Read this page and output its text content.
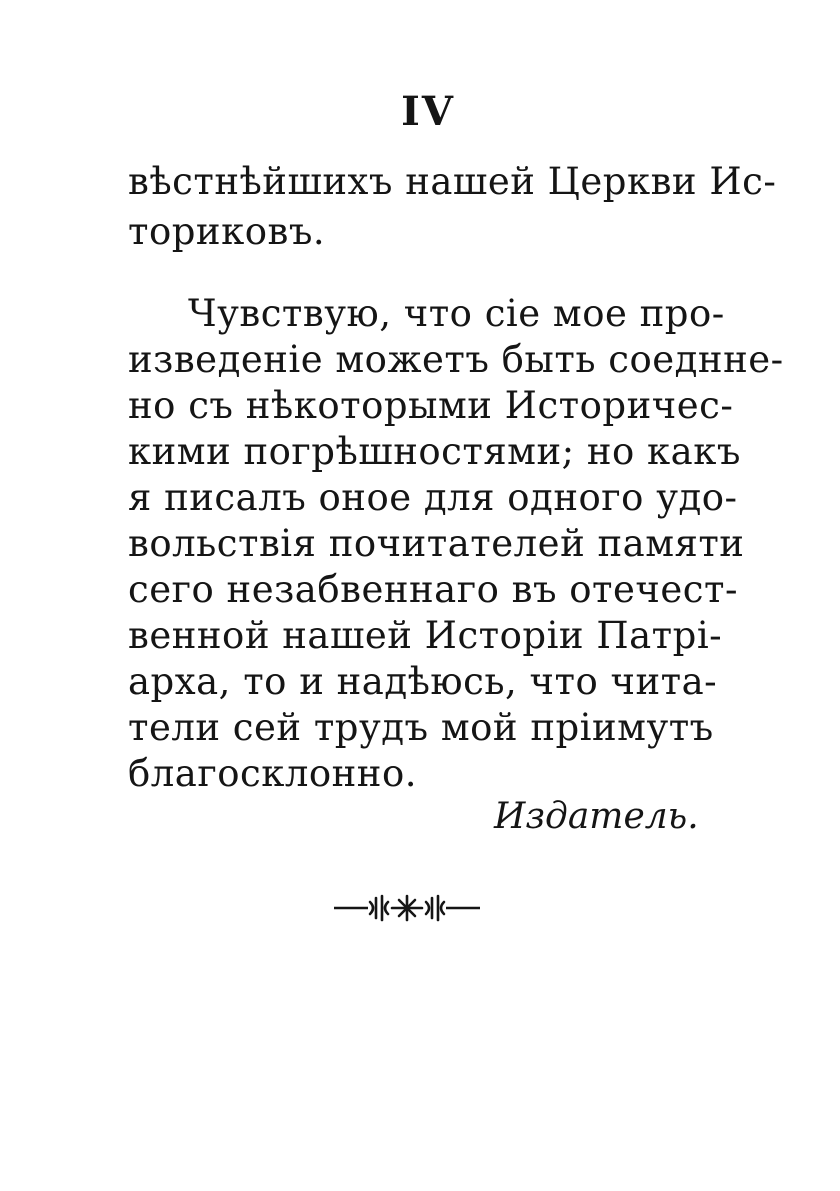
IV
вѣстнѣйшихъ нашей Церкви Ис-
ториковъ.
Чувствую, что сіе мое про-
изведеніе можетъ быть соеднне-
но съ нѣкоторыми Историчес-
кими погрѣшностями; но какъ
я писалъ оное для одного удо-
вольствія почитателей памяти
сего незабвеннаго въ отечест-
венной нашей Исторіи Патрі-
арха, то и надѣюсь, что чита-
тели сей трудъ мой пріимутъ
благосклонно.
Издатель.
